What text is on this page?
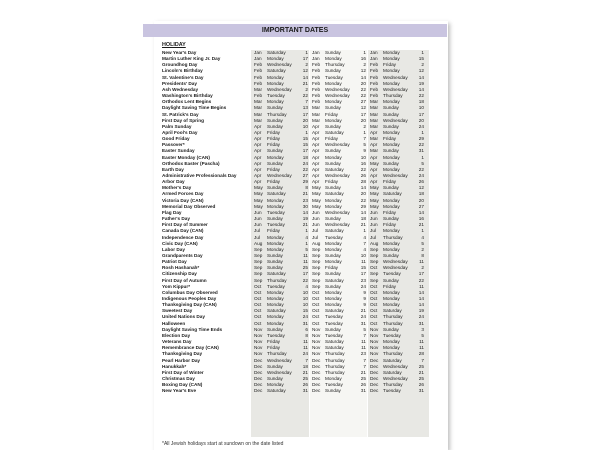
IMPORTANT DATES
HOLIDAY
New Year's Day	Jan Saturday	1 Jan Sunday	1 Jan Monday	1
Martin Luther King Jr. Day	Jan Monday	17 Jan Monday	16 Jan Monday	15
Groundhog Day	Feb Wednesday	2 Feb Thursday	2 Feb Friday	2
Lincoln's Birthday	Feb Saturday	12 Feb Sunday	12 Feb Monday	12
St. Valentine's Day	Feb Monday	14 Feb Tuesday	14 Feb Wednesday	14
Presidents' Day	Feb Monday	21 Feb Monday	20 Feb Monday	19
Ash Wednesday	Mar Wednesday	2 Feb Wednesday	22 Feb Wednesday	14
Washington's Birthday	Feb Tuesday	22 Feb Wednesday	22 Feb Thursday	22
Orthodox Lent Begins	Mar Monday	7 Feb Monday	27 Mar Monday	18
Daylight Saving Time Begins	Mar Sunday	13 Mar Sunday	12 Mar Sunday	10
St. Patrick's Day	Mar Thursday	17 Mar Friday	17 Mar Sunday	17
First Day of Spring	Mar Sunday	20 Mar Monday	20 Mar Wednesday	20
Palm Sunday	Apr Sunday	10 Apr Sunday	2 Mar Sunday	24
April Fool's Day	Apr Friday	1 Apr Saturday	1 Apr Monday	1
Good Friday	Apr Friday	15 Apr Friday	7 Mar Friday	29
Passover*	Apr Friday	15 Apr Wednesday	5 Apr Monday	22
Easter Sunday	Apr Sunday	17 Apr Sunday	9 Mar Sunday	31
Easter Monday (CAN)	Apr Monday	18 Apr Monday	10 Apr Monday	1
Orthodox Easter (Pascha)	Apr Sunday	24 Apr Sunday	16 May Sunday	5
Earth Day	Apr Friday	22 Apr Saturday	22 Apr Monday	22
Administrative Professionals Day	Apr Wednesday	27 Apr Wednesday	26 Apr Wednesday	24
Arbor Day	Apr Friday	29 Apr Friday	28 Apr Friday	26
Mother's Day	May Sunday	8 May Sunday	14 May Sunday	12
Armed Forces Day	May Saturday	21 May Saturday	20 May Saturday	18
Victoria Day (CAN)	May Monday	23 May Monday	22 May Monday	20
Memorial Day Observed	May Monday	30 May Monday	29 May Monday	27
Flag Day	Jun Tuesday	14 Jun Wednesday	14 Jun Friday	14
Father's Day	Jun Sunday	19 Jun Sunday	18 Jun Sunday	16
First Day of Summer	Jun Tuesday	21 Jun Wednesday	21 Jun Friday	21
Canada Day (CAN)	Jul Friday	1 Jul Saturday	1 Jul Monday	1
Independence Day	Jul Monday	4 Jul Tuesday	4 Jul Thursday	4
Civic Day (CAN)	Aug Monday	1 Aug Monday	7 Aug Monday	5
Labor Day	Sep Monday	5 Sep Monday	4 Sep Monday	2
Grandparents Day	Sep Sunday	11 Sep Sunday	10 Sep Sunday	8
Patriot Day	Sep Sunday	11 Sep Monday	11 Sep Wednesday	11
Rosh Hashanah*	Sep Sunday	25 Sep Friday	15 Oct Wednesday	2
Citizenship Day	Sep Saturday	17 Sep Sunday	17 Sep Tuesday	17
First Day of Autumn	Sep Thursday	22 Sep Saturday	23 Sep Sunday	22
Yom Kippur*	Oct Tuesday	4 Sep Sunday	24 Oct Friday	11
Columbus Day Observed	Oct Monday	10 Oct Monday	9 Oct Monday	14
Indigenous Peoples Day	Oct Monday	10 Oct Monday	9 Oct Monday	14
Thanksgiving Day (CAN)	Oct Monday	10 Oct Monday	9 Oct Monday	14
Sweetest Day	Oct Saturday	15 Oct Saturday	21 Oct Saturday	19
United Nations Day	Oct Monday	24 Oct Tuesday	24 Oct Thursday	24
Halloween	Oct Monday	31 Oct Tuesday	31 Oct Thursday	31
Daylight Saving Time Ends	Nov Sunday	6 Nov Sunday	5 Nov Sunday	3
Election Day	Nov Tuesday	8 Nov Tuesday	7 Nov Tuesday	5
Veterans Day	Nov Friday	11 Nov Saturday	11 Nov Monday	11
Remembrance Day (CAN)	Nov Friday	11 Nov Saturday	11 Nov Monday	11
Thanksgiving Day	Nov Thursday	24 Nov Thursday	23 Nov Thursday	28
Pearl Harbor Day	Dec Wednesday	7 Dec Thursday	7 Dec Saturday	7
Hanukkah*	Dec Sunday	18 Dec Thursday	7 Dec Wednesday	25
First Day of Winter	Dec Wednesday	21 Dec Thursday	21 Dec Saturday	21
Christmas Day	Dec Sunday	25 Dec Monday	25 Dec Wednesday	25
Boxing Day (CAN)	Dec Monday	26 Dec Tuesday	26 Dec Thursday	26
New Year's Eve	Dec Saturday	31 Dec Sunday	31 Dec Tuesday	31
*All Jewish holidays start at sundown on the date listed
